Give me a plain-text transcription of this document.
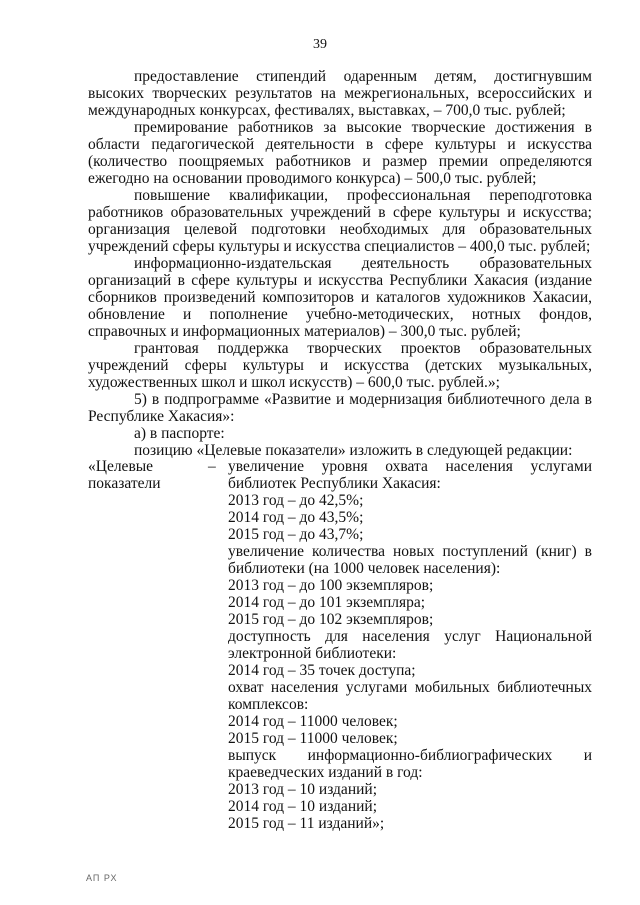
39

предоставление стипендий одаренным детям, достигнувшим высоких творческих результатов на межрегиональных, всероссийских и международных конкурсах, фестивалях, выставках, – 700,0 тыс. рублей;

премирование работников за высокие творческие достижения в области педагогической деятельности в сфере культуры и искусства (количество поощряемых работников и размер премии определяются ежегодно на основании проводимого конкурса) – 500,0 тыс. рублей;

повышение квалификации, профессиональная переподготовка работников образовательных учреждений в сфере культуры и искусства; организация целевой подготовки необходимых для образовательных учреждений сферы культуры и искусства специалистов – 400,0 тыс. рублей;

информационно-издательская деятельность образовательных организаций в сфере культуры и искусства Республики Хакасия (издание сборников произведений композиторов и каталогов художников Хакасии, обновление и пополнение учебно-методических, нотных фондов, справочных и информационных материалов) – 300,0 тыс. рублей;

грантовая поддержка творческих проектов образовательных учреждений сферы культуры и искусства (детских музыкальных, художественных школ и школ искусств) – 600,0 тыс. рублей.»;

5) в подпрограмме «Развитие и модернизация библиотечного дела в Республике Хакасия»:

а) в паспорте:

позицию «Целевые показатели» изложить в следующей редакции:

«Целевые показатели
– увеличение уровня охвата населения услугами библиотек Республики Хакасия:
2013 год – до 42,5%;
2014 год – до 43,5%;
2015 год – до 43,7%;
увеличение количества новых поступлений (книг) в библиотеки (на 1000 человек населения):
2013 год – до 100 экземпляров;
2014 год – до 101 экземпляра;
2015 год – до 102 экземпляров;
доступность для населения услуг Национальной электронной библиотеки:
2014 год – 35 точек доступа;
охват населения услугами мобильных библиотечных комплексов:
2014 год – 11000 человек;
2015 год – 11000 человек;
выпуск информационно-библиографических и краеведческих изданий в год:
2013 год – 10 изданий;
2014 год – 10 изданий;
2015 год – 11 изданий»;
АП РХ
